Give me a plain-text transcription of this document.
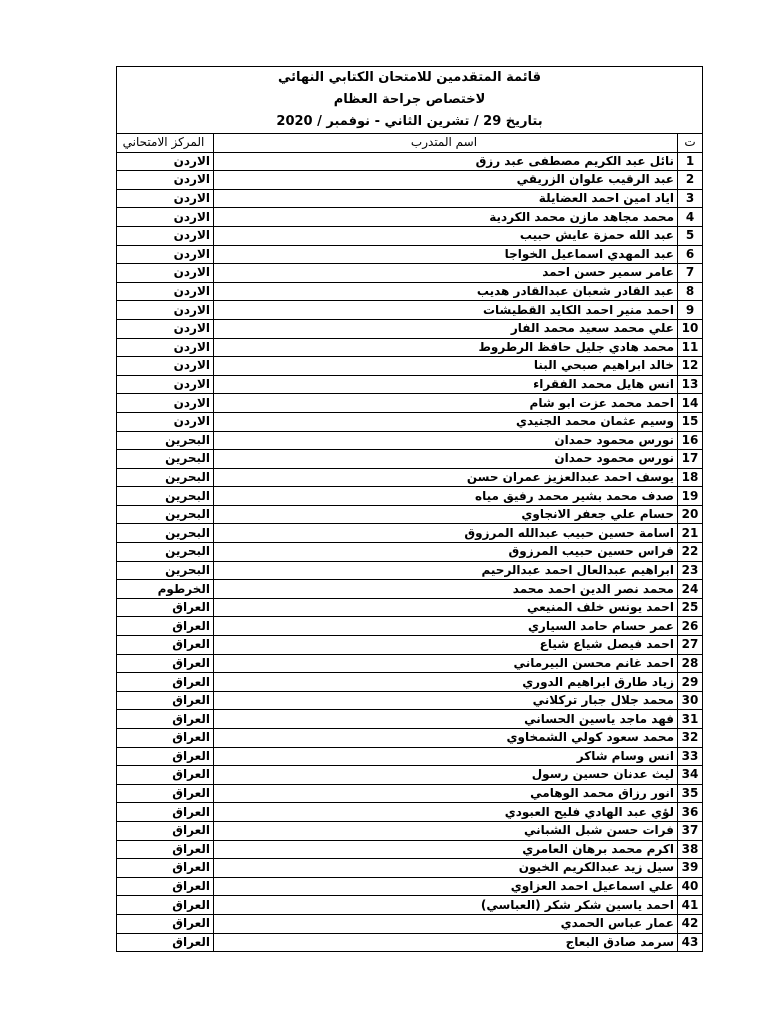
قائمة المتقدمين للامتحان الكتابي النهائي
لاختصاص جراحة العظام
بتاريخ 29 / تشرين الثاني - نوفمبر / 2020
ت	اسم المتدرب	المركز الامتحاني
1	نائل عبد الكريم مصطفى عبد رزق	الاردن
2	عبد الرقيب علوان الزريقي	الاردن
3	اياد امين احمد العضايلة	الاردن
4	محمد مجاهد مازن محمد الكردية	الاردن
5	عبد الله حمزة عايش حبيب	الاردن
6	عبد المهدي اسماعيل الخواجا	الاردن
7	عامر سمير حسن احمد	الاردن
8	عبد القادر شعبان عبدالقادر هديب	الاردن
9	احمد منير احمد الكايد القطيشات	الاردن
10	علي محمد سعيد محمد الفار	الاردن
11	محمد هادي جليل حافظ الرطروط	الاردن
12	خالد ابراهيم صبحي البنا	الاردن
13	انس هايل محمد الفقراء	الاردن
14	احمد محمد عزت ابو شام	الاردن
15	وسيم عثمان محمد الجنيدي	الاردن
16	نورس محمود حمدان	البحرين
17	نورس محمود حمدان	البحرين
18	يوسف احمد عبدالعزيز عمران حسن	البحرين
19	صدف محمد بشير محمد رفيق مياه	البحرين
20	حسام علي جعفر الانجاوي	البحرين
21	اسامة حسين حبيب عبدالله المرزوق	البحرين
22	فراس حسين حبيب المرزوق	البحرين
23	ابراهيم عبدالعال احمد عبدالرحيم	البحرين
24	محمد نصر الدين احمد محمد	الخرطوم
25	احمد يونس خلف المنيعي	العراق
26	عمر حسام حامد السياري	العراق
27	احمد فيصل شياع شياع	العراق
28	احمد غانم محسن البيرماني	العراق
29	زياد طارق ابراهيم الدوري	العراق
30	محمد جلال جبار تركلاني	العراق
31	فهد ماجد ياسين الحساني	العراق
32	محمد سعود كولي الشمخاوي	العراق
33	انس وسام شاكر	العراق
34	ليث عدنان حسين رسول	العراق
35	انور رزاق محمد الوهامي	العراق
36	لؤي عبد الهادي فليح العبودي	العراق
37	فرات حسن شبل الشباني	العراق
38	اكرم محمد برهان العامري	العراق
39	سيل زيد عبدالكريم الخيون	العراق
40	علي اسماعيل احمد العزاوي	العراق
41	احمد ياسين شكر شكر (العباسي)	العراق
42	عمار عباس الحمدي	العراق
43	سرمد صادق البعاج	العراق
